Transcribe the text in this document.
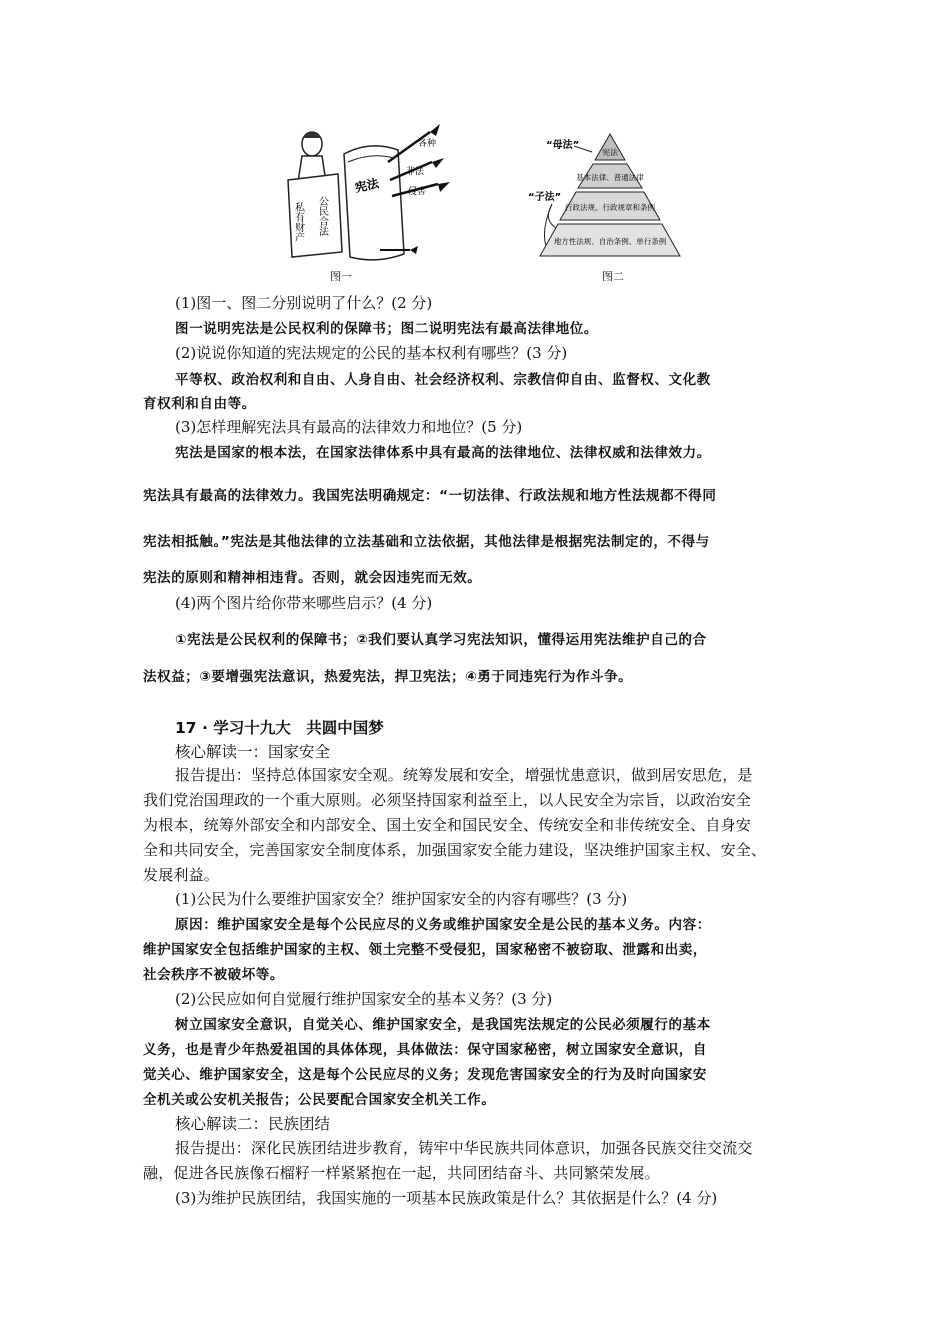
私有财产 公民合法
宪法
各种
非法
侵害
“母法”
“子法”
宪法
基本法律、普通法律
行政法规、行政规章和条例
地方性法规、自治条例、单行条例
图一	图二
(1)图一、图二分别说明了什么？(2 分)
图一说明宪法是公民权利的保障书；图二说明宪法有最高法律地位。
(2)说说你知道的宪法规定的公民的基本权利有哪些？(3 分)
平等权、政治权利和自由、人身自由、社会经济权利、宗教信仰自由、监督权、文化教
育权利和自由等。
(3)怎样理解宪法具有最高的法律效力和地位？(5 分)
宪法是国家的根本法，在国家法律体系中具有最高的法律地位、法律权威和法律效力。
宪法具有最高的法律效力。我国宪法明确规定：“一切法律、行政法规和地方性法规都不得同
宪法相抵触。”宪法是其他法律的立法基础和立法依据，其他法律是根据宪法制定的，不得与
宪法的原则和精神相违背。否则，就会因违宪而无效。
(4)两个图片给你带来哪些启示？(4 分)
①宪法是公民权利的保障书；②我们要认真学习宪法知识，懂得运用宪法维护自己的合
法权益；③要增强宪法意识，热爱宪法，捍卫宪法；④勇于同违宪行为作斗争。
17 · 学习十九大　共圆中国梦
核心解读一：国家安全
报告提出：坚持总体国家安全观。统筹发展和安全，增强忧患意识，做到居安思危，是
我们党治国理政的一个重大原则。必须坚持国家利益至上，以人民安全为宗旨，以政治安全
为根本，统筹外部安全和内部安全、国土安全和国民安全、传统安全和非传统安全、自身安
全和共同安全，完善国家安全制度体系，加强国家安全能力建设，坚决维护国家主权、安全、
发展利益。
(1)公民为什么要维护国家安全？维护国家安全的内容有哪些？(3 分)
原因：维护国家安全是每个公民应尽的义务或维护国家安全是公民的基本义务。内容：
维护国家安全包括维护国家的主权、领土完整不受侵犯，国家秘密不被窃取、泄露和出卖，
社会秩序不被破坏等。
(2)公民应如何自觉履行维护国家安全的基本义务？(3 分)
树立国家安全意识，自觉关心、维护国家安全，是我国宪法规定的公民必须履行的基本
义务，也是青少年热爱祖国的具体体现，具体做法：保守国家秘密，树立国家安全意识，自
觉关心、维护国家安全，这是每个公民应尽的义务；发现危害国家安全的行为及时向国家安
全机关或公安机关报告；公民要配合国家安全机关工作。
核心解读二：民族团结
报告提出：深化民族团结进步教育，铸牢中华民族共同体意识，加强各民族交往交流交
融，促进各民族像石榴籽一样紧紧抱在一起，共同团结奋斗、共同繁荣发展。
(3)为维护民族团结，我国实施的一项基本民族政策是什么？其依据是什么？(4 分)
